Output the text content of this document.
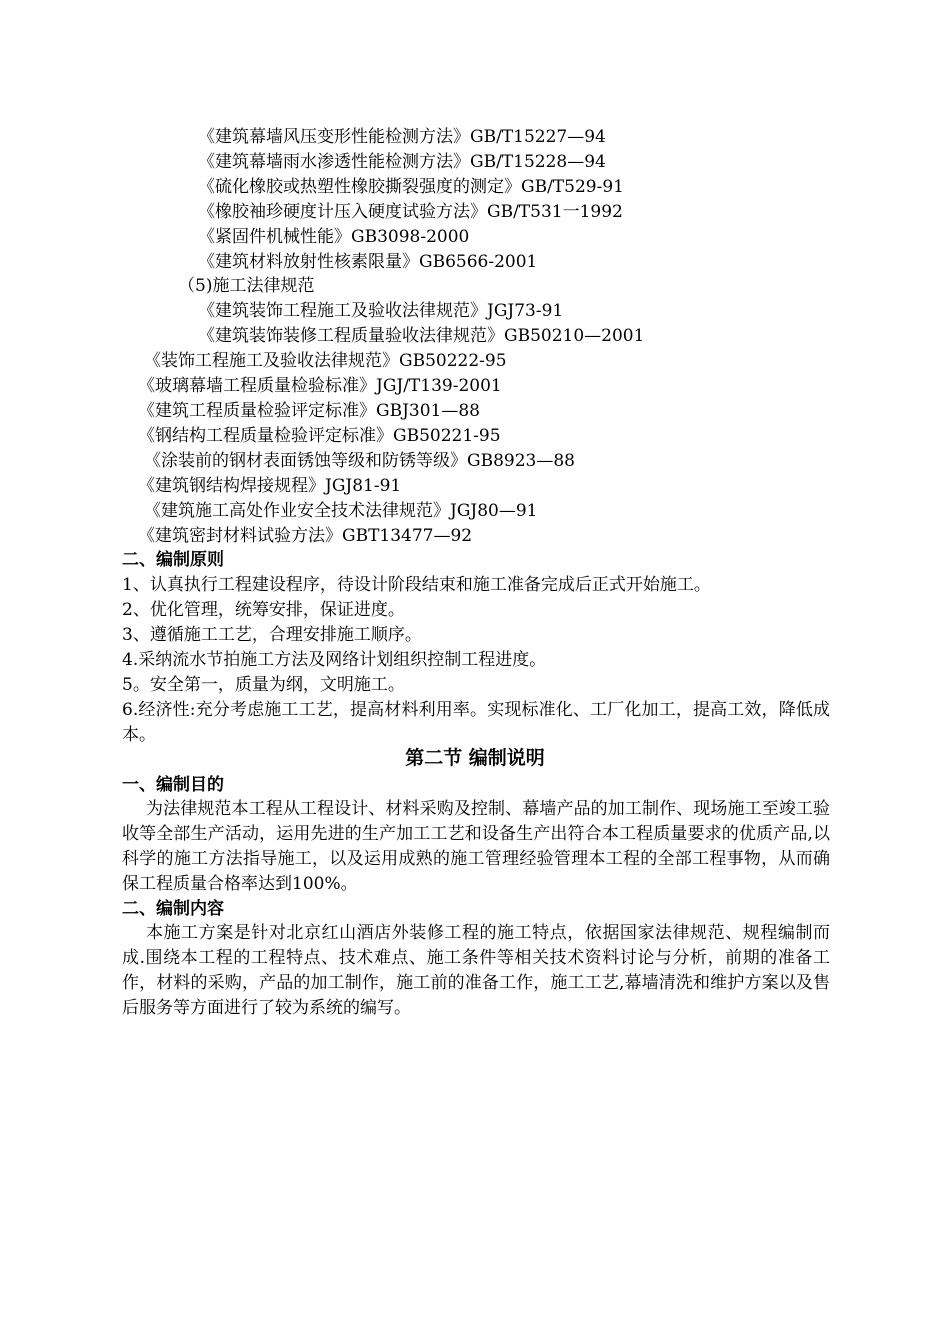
《建筑幕墙风压变形性能检测方法》GB/T15227—94
《建筑幕墙雨水渗透性能检测方法》GB/T15228—94
《硫化橡胶或热塑性橡胶撕裂强度的测定》GB/T529-91
《橡胶袖珍硬度计压入硬度试验方法》GB/T531一1992
《紧固件机械性能》GB3098-2000
《建筑材料放射性核素限量》GB6566-2001
（5)施工法律规范
《建筑装饰工程施工及验收法律规范》JGJ73-91
《建筑装饰装修工程质量验收法律规范》GB50210—2001
《装饰工程施工及验收法律规范》GB50222-95
《玻璃幕墙工程质量检验标准》JGJ/T139-2001
《建筑工程质量检验评定标准》GBJ301—88
《钢结构工程质量检验评定标准》GB50221-95
《涂装前的钢材表面锈蚀等级和防锈等级》GB8923—88
《建筑钢结构焊接规程》JGJ81-91
《建筑施工高处作业安全技术法律规范》JGJ80—91
《建筑密封材料试验方法》GBT13477—92
二、编制原则
1、认真执行工程建设程序，待设计阶段结束和施工准备完成后正式开始施工。
2、优化管理，统筹安排，保证进度。
3、遵循施工工艺，合理安排施工顺序。
4.采纳流水节拍施工方法及网络计划组织控制工程进度。
5。安全第一，质量为纲，文明施工。
6.经济性:充分考虑施工工艺，提高材料利用率。实现标准化、工厂化加工，提高工效，降低成本。
第二节 编制说明
一、编制目的
为法律规范本工程从工程设计、材料采购及控制、幕墙产品的加工制作、现场施工至竣工验收等全部生产活动，运用先进的生产加工工艺和设备生产出符合本工程质量要求的优质产品,以科学的施工方法指导施工，以及运用成熟的施工管理经验管理本工程的全部工程事物，从而确保工程质量合格率达到100%。
二、编制内容
本施工方案是针对北京红山酒店外装修工程的施工特点，依据国家法律规范、规程编制而成.围绕本工程的工程特点、技术难点、施工条件等相关技术资料讨论与分析，前期的准备工作，材料的采购，产品的加工制作，施工前的准备工作，施工工艺,幕墙清洗和维护方案以及售后服务等方面进行了较为系统的编写。
